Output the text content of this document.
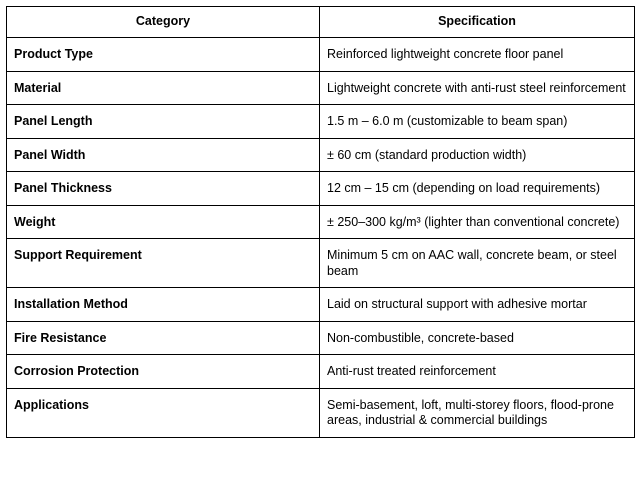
Category	Specification
Product Type	Reinforced lightweight concrete floor panel
Material	Lightweight concrete with anti-rust steel reinforcement
Panel Length	1.5 m – 6.0 m (customizable to beam span)
Panel Width	± 60 cm (standard production width)
Panel Thickness	12 cm – 15 cm (depending on load requirements)
Weight	± 250–300 kg/m³ (lighter than conventional concrete)
Support Requirement	Minimum 5 cm on AAC wall, concrete beam, or steel beam
Installation Method	Laid on structural support with adhesive mortar
Fire Resistance	Non-combustible, concrete-based
Corrosion Protection	Anti-rust treated reinforcement
Applications	Semi-basement, loft, multi-storey floors, flood-prone areas, industrial & commercial buildings
